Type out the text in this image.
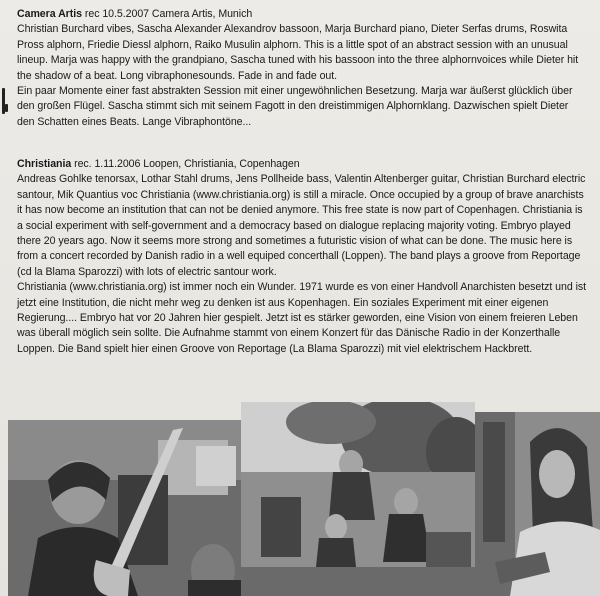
Camera Artis rec 10.5.2007 Camera Artis, Munich

Christian Burchard vibes, Sascha Alexander Alexandrov bassoon, Marja Burchard piano, Dieter Serfas drums, Roswita Pross alphorn, Friedie Diessl alphorn, Raiko Musulin alphorn. This is a little spot of an abstract session with an unusual lineup. Marja was happy with the grandpiano, Sascha tuned with his bassoon into the three alphornvoices while Dieter hit the shadow of a beat. Long vibraphonesounds. Fade in and fade out.

Ein paar Momente einer fast abstrakten Session mit einer ungewöhnlichen Besetzung. Marja war äußerst glücklich über den großen Flügel. Sascha stimmt sich mit seinem Fagott in den dreistimmigen Alphornklang. Dazwischen spielt Dieter den Schatten eines Beats. Lange Vibraphontöne...

Christiania rec. 1.11.2006 Loopen, Christiania, Copenhagen

Andreas Gohlke tenorsax, Lothar Stahl drums, Jens Pollheide bass, Valentin Altenberger guitar, Christian Burchard electric santour, Mik Quantius voc Christiania (www.christiania.org) is still a miracle. Once occupied by a group of brave anarchists it has now become an institution that can not be denied anymore. This free state is now part of Copenhagen. Christiania is a social experiment with self-government and a democracy based on dialogue replacing majority voting. Embryo played there 20 years ago. Now it seems more strong and sometimes a futuristic vision of what can be done. The music here is from a concert recorded by Danish radio in a well equiped concerthall (Loppen). The band plays a groove from Reportage (cd la Blama Sparozzi) with lots of electric santour work.

Christiania (www.christiania.org) ist immer noch ein Wunder. 1971 wurde es von einer Handvoll Anarchisten besetzt und ist jetzt eine Institution, die nicht mehr weg zu denken ist aus Kopenhagen. Ein soziales Experiment mit einer eigenen Regierung.... Embryo hat vor 20 Jahren hier gespielt. Jetzt ist es stärker geworden, eine Vision von einem freieren Leben was überall möglich sein sollte. Die Aufnahme stammt von einem Konzert für das Dänische Radio in der Konzerthalle Loppen. Die Band spielt hier einen Groove von Reportage (La Blama Sparozzi) mit viel elektrischem Hackbrett.
